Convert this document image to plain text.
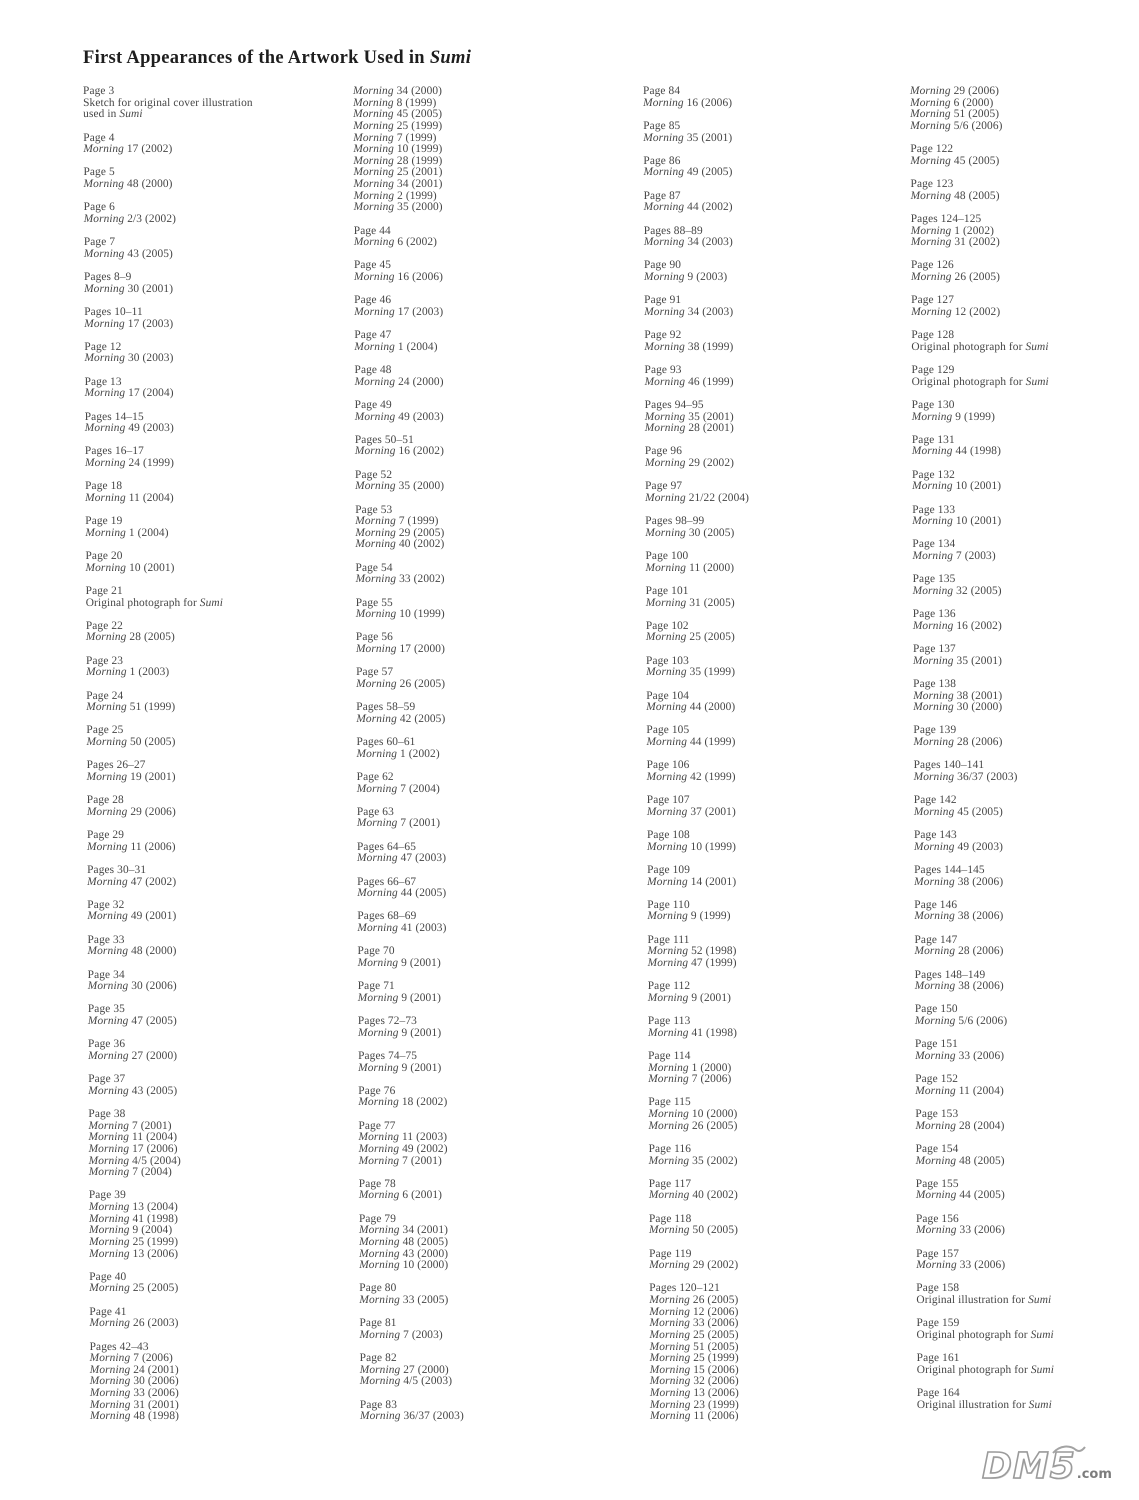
First Appearances of the Artwork Used in Sumi
Page 3
Sketch for original cover illustration
used in Sumi
Page 4
Morning 17 (2002)
Page 5
Morning 48 (2000)
Page 6
Morning 2/3 (2002)
Page 7
Morning 43 (2005)
Pages 8–9
Morning 30 (2001)
Pages 10–11
Morning 17 (2003)
Page 12
Morning 30 (2003)
Page 13
Morning 17 (2004)
Pages 14–15
Morning 49 (2003)
Pages 16–17
Morning 24 (1999)
Page 18
Morning 11 (2004)
Page 19
Morning 1 (2004)
Page 20
Morning 10 (2001)
Page 21
Original photograph for Sumi
Page 22
Morning 28 (2005)
Page 23
Morning 1 (2003)
Page 24
Morning 51 (1999)
Page 25
Morning 50 (2005)
Pages 26–27
Morning 19 (2001)
Page 28
Morning 29 (2006)
Page 29
Morning 11 (2006)
Pages 30–31
Morning 47 (2002)
Page 32
Morning 49 (2001)
Page 33
Morning 48 (2000)
Page 34
Morning 30 (2006)
Page 35
Morning 47 (2005)
Page 36
Morning 27 (2000)
Page 37
Morning 43 (2005)
Page 38
Morning 7 (2001)
Morning 11 (2004)
Morning 17 (2006)
Morning 4/5 (2004)
Morning 7 (2004)
Page 39
Morning 13 (2004)
Morning 41 (1998)
Morning 9 (2004)
Morning 25 (1999)
Morning 13 (2006)
Page 40
Morning 25 (2005)
Page 41
Morning 26 (2003)
Pages 42–43
Morning 7 (2006)
Morning 24 (2001)
Morning 30 (2006)
Morning 33 (2006)
Morning 31 (2001)
Morning 48 (1998)
Morning 34 (2000)
Morning 8 (1999)
Morning 45 (2005)
Morning 25 (1999)
Morning 7 (1999)
Morning 10 (1999)
Morning 28 (1999)
Morning 25 (2001)
Morning 34 (2001)
Morning 2 (1999)
Morning 35 (2000)
Page 44
Morning 6 (2002)
Page 45
Morning 16 (2006)
Page 46
Morning 17 (2003)
Page 47
Morning 1 (2004)
Page 48
Morning 24 (2000)
Page 49
Morning 49 (2003)
Pages 50–51
Morning 16 (2002)
Page 52
Morning 35 (2000)
Page 53
Morning 7 (1999)
Morning 29 (2005)
Morning 40 (2002)
Page 54
Morning 33 (2002)
Page 55
Morning 10 (1999)
Page 56
Morning 17 (2000)
Page 57
Morning 26 (2005)
Pages 58–59
Morning 42 (2005)
Pages 60–61
Morning 1 (2002)
Page 62
Morning 7 (2004)
Page 63
Morning 7 (2001)
Pages 64–65
Morning 47 (2003)
Pages 66–67
Morning 44 (2005)
Pages 68–69
Morning 41 (2003)
Page 70
Morning 9 (2001)
Page 71
Morning 9 (2001)
Pages 72–73
Morning 9 (2001)
Pages 74–75
Morning 9 (2001)
Page 76
Morning 18 (2002)
Page 77
Morning 11 (2003)
Morning 49 (2002)
Morning 7 (2001)
Page 78
Morning 6 (2001)
Page 79
Morning 34 (2001)
Morning 48 (2005)
Morning 43 (2000)
Morning 10 (2000)
Page 80
Morning 33 (2005)
Page 81
Morning 7 (2003)
Page 82
Morning 27 (2000)
Morning 4/5 (2003)
Page 83
Morning 36/37 (2003)
Page 84
Morning 16 (2006)
Page 85
Morning 35 (2001)
Page 86
Morning 49 (2005)
Page 87
Morning 44 (2002)
Pages 88–89
Morning 34 (2003)
Page 90
Morning 9 (2003)
Page 91
Morning 34 (2003)
Page 92
Morning 38 (1999)
Page 93
Morning 46 (1999)
Pages 94–95
Morning 35 (2001)
Morning 28 (2001)
Page 96
Morning 29 (2002)
Page 97
Morning 21/22 (2004)
Pages 98–99
Morning 30 (2005)
Page 100
Morning 11 (2000)
Page 101
Morning 31 (2005)
Page 102
Morning 25 (2005)
Page 103
Morning 35 (1999)
Page 104
Morning 44 (2000)
Page 105
Morning 44 (1999)
Page 106
Morning 42 (1999)
Page 107
Morning 37 (2001)
Page 108
Morning 10 (1999)
Page 109
Morning 14 (2001)
Page 110
Morning 9 (1999)
Page 111
Morning 52 (1998)
Morning 47 (1999)
Page 112
Morning 9 (2001)
Page 113
Morning 41 (1998)
Page 114
Morning 1 (2000)
Morning 7 (2006)
Page 115
Morning 10 (2000)
Morning 26 (2005)
Page 116
Morning 35 (2002)
Page 117
Morning 40 (2002)
Page 118
Morning 50 (2005)
Page 119
Morning 29 (2002)
Pages 120–121
Morning 26 (2005)
Morning 12 (2006)
Morning 33 (2006)
Morning 25 (2005)
Morning 51 (2005)
Morning 25 (1999)
Morning 15 (2006)
Morning 32 (2006)
Morning 13 (2006)
Morning 23 (1999)
Morning 11 (2006)
Morning 29 (2006)
Morning 6 (2000)
Morning 51 (2005)
Morning 5/6 (2006)
Page 122
Morning 45 (2005)
Page 123
Morning 48 (2005)
Pages 124–125
Morning 1 (2002)
Morning 31 (2002)
Page 126
Morning 26 (2005)
Page 127
Morning 12 (2002)
Page 128
Original photograph for Sumi
Page 129
Original photograph for Sumi
Page 130
Morning 9 (1999)
Page 131
Morning 44 (1998)
Page 132
Morning 10 (2001)
Page 133
Morning 10 (2001)
Page 134
Morning 7 (2003)
Page 135
Morning 32 (2005)
Page 136
Morning 16 (2002)
Page 137
Morning 35 (2001)
Page 138
Morning 38 (2001)
Morning 30 (2000)
Page 139
Morning 28 (2006)
Pages 140–141
Morning 36/37 (2003)
Page 142
Morning 45 (2005)
Page 143
Morning 49 (2003)
Pages 144–145
Morning 38 (2006)
Page 146
Morning 38 (2006)
Page 147
Morning 28 (2006)
Pages 148–149
Morning 38 (2006)
Page 150
Morning 5/6 (2006)
Page 151
Morning 33 (2006)
Page 152
Morning 11 (2004)
Page 153
Morning 28 (2004)
Page 154
Morning 48 (2005)
Page 155
Morning 44 (2005)
Page 156
Morning 33 (2006)
Page 157
Morning 33 (2006)
Page 158
Original illustration for Sumi
Page 159
Original photograph for Sumi
Page 161
Original photograph for Sumi
Page 164
Original illustration for Sumi
DM5.com
